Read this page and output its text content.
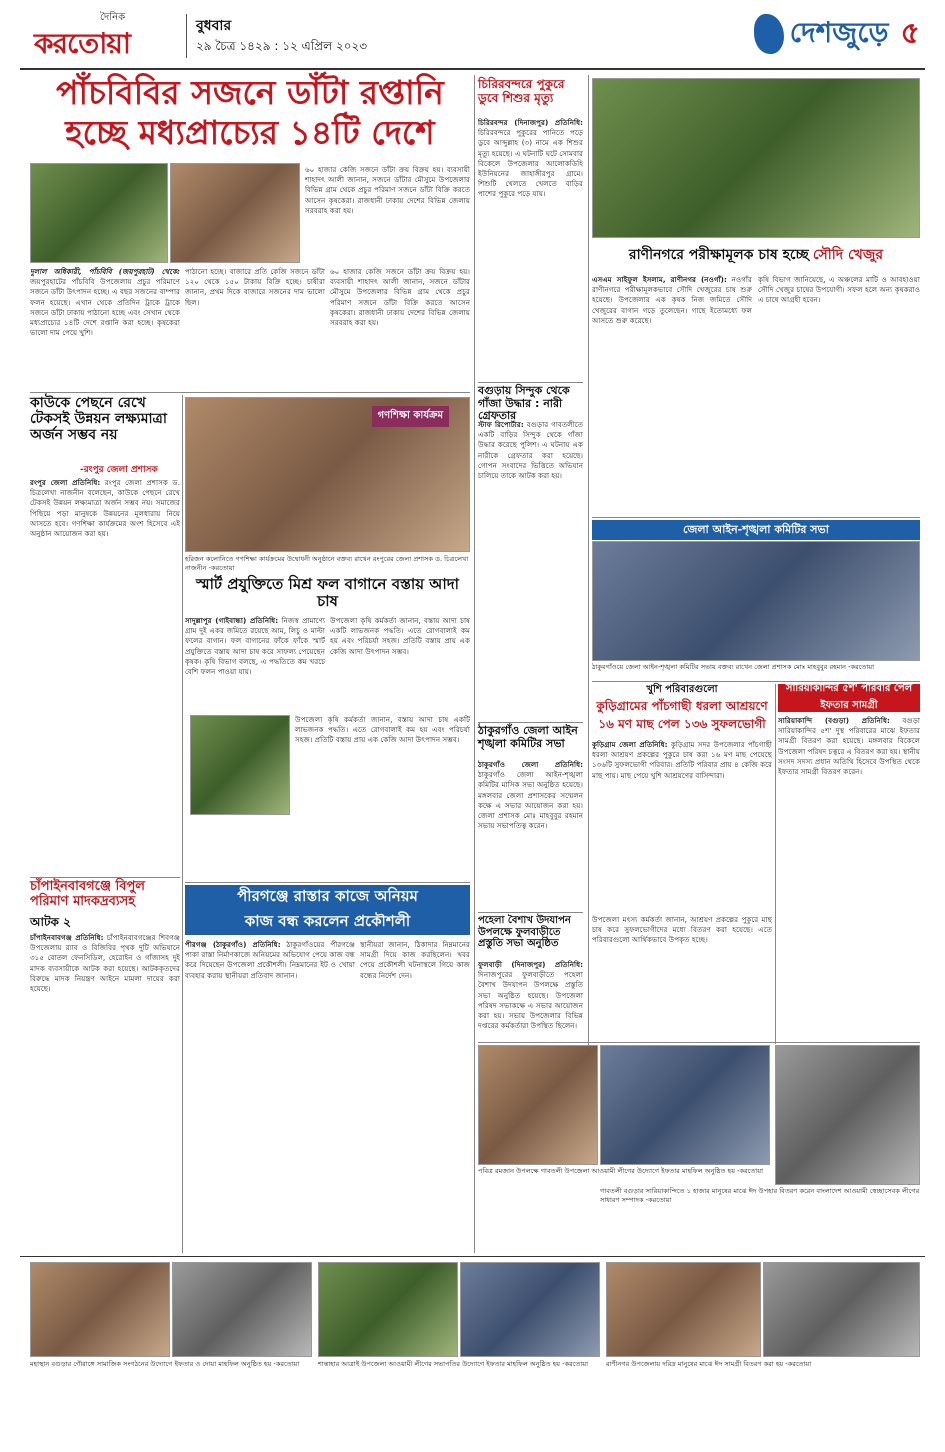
দৈনিক
করতোয়া
বুধবার
২৯ চৈত্র ১৪২৯ : ১২ এপ্রিল ২০২৩	দেশজুড়ে ৫
পাঁচবিবির সজনে ডাঁটা রপ্তানি
হচ্ছে মধ্যপ্রাচ্যের ১৪টি দেশে
৬০ হাজার কেজি সজনে ডাঁটা ক্রয় বিক্রয় হয়। ব্যবসায়ী শাহাদৎ আলী জানান, সজনে ডাঁটার মৌসুমে উপজেলার বিভিন্ন গ্রাম থেকে প্রচুর পরিমাণ সজনে ডাঁটা বিক্রি করতে আসেন কৃষকেরা। রাজধানী ঢাকায় দেশের বিভিন্ন জেলায় সরবরাহ করা হয়।
দুলাল অধিকারী, পাঁচবিবি (জয়পুরহাট) থেকে: জয়পুরহাটের পাঁচবিবি উপজেলায় প্রচুর পরিমাণে সজনে ডাঁটা উৎপাদন হচ্ছে। এ বছর সজনের বাম্পার ফলন হয়েছে। এখান থেকে প্রতিদিন ট্রাকে ট্রাকে সজনে ডাঁটা ঢাকায় পাঠানো হচ্ছে এবং সেখান থেকে মধ্যপ্রাচ্যের ১৪টি দেশে রপ্তানি করা হচ্ছে। কৃষকেরা ভালো দাম পেয়ে খুশি।
পাঠানো হচ্ছে। বাজারে প্রতি কেজি সজনে ডাঁটা ১২০ থেকে ১৫০ টাকায় বিক্রি হচ্ছে। চাষীরা জানান, প্রথম দিকে বাজারে সজনের দাম ভালো ছিল।
৬০ হাজার কেজি সজনে ডাঁটা ক্রয় বিক্রয় হয়। ব্যবসায়ী শাহাদৎ আলী জানান, সজনে ডাঁটার মৌসুমে উপজেলার বিভিন্ন গ্রাম থেকে প্রচুর পরিমাণ সজনে ডাঁটা বিক্রি করতে আসেন কৃষকেরা। রাজধানী ঢাকায় দেশের বিভিন্ন জেলায় সরবরাহ করা হয়।
কাউকে পেছনে রেখে টেকসই উন্নয়ন লক্ষ্যমাত্রা অর্জন সম্ভব নয়
-রংপুর জেলা প্রশাসক
রংপুর জেলা প্রতিনিধি: রংপুর জেলা প্রশাসক ড. চিত্রলেখা নাজনীন বলেছেন, কাউকে পেছনে রেখে টেকসই উন্নয়ন লক্ষ্যমাত্রা অর্জন সম্ভব নয়। সমাজের পিছিয়ে পড়া মানুষকে উন্নয়নের মূলধারায় নিয়ে আসতে হবে। গণশিক্ষা কার্যক্রমের অংশ হিসেবে এই অনুষ্ঠান আয়োজন করা হয়।
গণশিক্ষা কার্যক্রম
হরিজন কলোনিতে গণশিক্ষা কার্যক্রমের উদ্বোধনী অনুষ্ঠানে বক্তব্য রাখেন রংপুরের জেলা প্রশাসক ড. চিত্রলেখা নাজনীন -করতোয়া
স্মার্ট প্রযুক্তিতে মিশ্র ফল বাগানে বস্তায় আদা চাষ
সাদুল্লাপুর (গাইবান্ধা) প্রতিনিধি: নিজস্ব প্রামাণ্যে গ্রাম দুই একর জমিতে রয়েছে আম, লিচু ও মাল্টা ফলের বাগান। ফল বাগানের ফাঁকে ফাঁকে স্মার্ট প্রযুক্তিতে বস্তায় আদা চাষ করে সাফল্য পেয়েছেন কৃষক। কৃষি বিভাগ বলছে, এ পদ্ধতিতে কম খরচে বেশি ফলন পাওয়া যায়।
উপজেলা কৃষি কর্মকর্তা জানান, বস্তায় আদা চাষ একটি লাভজনক পদ্ধতি। এতে রোগবালাই কম হয় এবং পরিচর্যা সহজ। প্রতিটি বস্তায় প্রায় এক কেজি আদা উৎপাদন সম্ভব।
উপজেলা কৃষি কর্মকর্তা জানান, বস্তায় আদা চাষ একটি লাভজনক পদ্ধতি। এতে রোগবালাই কম হয় এবং পরিচর্যা সহজ। প্রতিটি বস্তায় প্রায় এক কেজি আদা উৎপাদন সম্ভব।
চাঁপাইনবাবগঞ্জে বিপুল পরিমাণ মাদকদ্রব্যসহ
আটক ২
চাঁপাইনবাবগঞ্জ প্রতিনিধি: চাঁপাইনবাবগঞ্জের শিবগঞ্জ উপজেলায় র‌্যাব ও বিজিবির পৃথক দুটি অভিযানে ৩১৫ বোতল ফেনসিডিল, হেরোইন ও গাঁজাসহ দুই মাদক ব্যবসায়ীকে আটক করা হয়েছে। আটককৃতদের বিরুদ্ধে মাদক নিয়ন্ত্রণ আইনে মামলা দায়ের করা হয়েছে।
পীরগঞ্জে রাস্তার কাজে অনিয়ম
কাজ বন্ধ করলেন প্রকৌশলী
পীরগঞ্জ (ঠাকুরগাঁও) প্রতিনিধি: ঠাকুরগাঁওয়ের পীরগঞ্জে পাকা রাস্তা নির্মাণকাজে অনিয়মের অভিযোগ পেয়ে কাজ বন্ধ করে দিয়েছেন উপজেলা প্রকৌশলী। নিম্নমানের ইট ও খোয়া ব্যবহার করায় স্থানীয়রা প্রতিবাদ জানান।
স্থানীয়রা জানান, ঠিকাদার নিম্নমানের সামগ্রী দিয়ে কাজ করছিলেন। খবর পেয়ে প্রকৌশলী ঘটনাস্থলে গিয়ে কাজ বন্ধের নির্দেশ দেন।
চিরিরবন্দরে পুকুরে ডুবে শিশুর মৃত্যু
চিরিরবন্দর (দিনাজপুর) প্রতিনিধি: চিরিরবন্দরে পুকুরের পানিতে পড়ে ডুবে আব্দুল্লাহ (৩) নামে এক শিশুর মৃত্যু হয়েছে। এ ঘটনাটি ঘটে সোমবার বিকেলে উপজেলার আলোকডিহি ইউনিয়নের জাহাঙ্গীরপুর গ্রামে। শিশুটি খেলতে খেলতে বাড়ির পাশের পুকুরে পড়ে যায়।
বগুড়ায় সিন্দুক থেকে গাঁজা উদ্ধার : নারী গ্রেফতার
স্টাফ রিপোর্টার: বগুড়ার গাবতলীতে একটি বাড়ির সিন্দুক থেকে গাঁজা উদ্ধার করেছে পুলিশ। এ ঘটনায় এক নারীকে গ্রেফতার করা হয়েছে। গোপন সংবাদের ভিত্তিতে অভিযান চালিয়ে তাকে আটক করা হয়।
ঠাকুরগাঁও জেলা আইন শৃঙ্খলা কমিটির সভা
ঠাকুরগাঁও জেলা প্রতিনিধি: ঠাকুরগাঁও জেলা আইন-শৃঙ্খলা কমিটির মাসিক সভা অনুষ্ঠিত হয়েছে। মঙ্গলবার জেলা প্রশাসকের সম্মেলন কক্ষে এ সভার আয়োজন করা হয়। জেলা প্রশাসক মোঃ মাহবুবুর রহমান সভায় সভাপতিত্ব করেন।
পহেলা বৈশাখ উদযাপন উপলক্ষে ফুলবাড়ীতে প্রস্তুতি সভা অনুষ্ঠিত
ফুলবাড়ী (দিনাজপুর) প্রতিনিধি: দিনাজপুরের ফুলবাড়ীতে পহেলা বৈশাখ উদযাপন উপলক্ষে প্রস্তুতি সভা অনুষ্ঠিত হয়েছে। উপজেলা পরিষদ সভাকক্ষে এ সভার আয়োজন করা হয়। সভায় উপজেলার বিভিন্ন দপ্তরের কর্মকর্তারা উপস্থিত ছিলেন।
রাণীনগরে পরীক্ষামূলক চাষ হচ্ছে সৌদি খেজুর
এসএম সাইফুল ইসলাম, রাণীনগর (নওগাঁ): নওগাঁর রাণীনগরে পরীক্ষামূলকভাবে সৌদি খেজুরের চাষ শুরু হয়েছে। উপজেলার এক কৃষক নিজ জমিতে সৌদি খেজুরের বাগান গড়ে তুলেছেন। গাছে ইতোমধ্যে ফল আসতে শুরু করেছে।
কৃষি বিভাগ জানিয়েছে, এ অঞ্চলের মাটি ও আবহাওয়া সৌদি খেজুর চাষের উপযোগী। সফল হলে অন্য কৃষকরাও এ চাষে আগ্রহী হবেন।
জেলা আইন-শৃঙ্খলা কমিটির সভা
ঠাকুরগাঁওয়ে জেলা আইন-শৃঙ্খলা কমিটির সভায় বক্তব্য রাখেন জেলা প্রশাসক মোঃ মাহবুবুর রহমান -করতোয়া
খুশি পরিবারগুলো
কুড়িগ্রামের পাঁচগাছী ধরলা আশ্রয়ণে
১৬ মণ মাছ পেল ১৩৬ সুফলভোগী
কুড়িগ্রাম জেলা প্রতিনিধি: কুড়িগ্রাম সদর উপজেলার পাঁচগাছী ধরলা আশ্রয়ণ প্রকল্পের পুকুরে চাষ করা ১৬ মণ মাছ পেয়েছে ১৩৬টি সুফলভোগী পরিবার। প্রতিটি পরিবার প্রায় ৪ কেজি করে মাছ পায়। মাছ পেয়ে খুশি আশ্রয়ণের বাসিন্দারা।
উপজেলা মৎস্য কর্মকর্তা জানান, আশ্রয়ণ প্রকল্পের পুকুরে মাছ চাষ করে সুফলভোগীদের মধ্যে বিতরণ করা হয়েছে। এতে পরিবারগুলো আর্থিকভাবে উপকৃত হচ্ছে।
সারিয়াকান্দির ৫শ' পরিবার পেল ইফতার সামগ্রী
সারিয়াকান্দি (বগুড়া) প্রতিনিধি: বগুড়া সারিয়াকান্দির ৫শ' দুস্থ পরিবারের মাঝে ইফতার সামগ্রী বিতরণ করা হয়েছে। মঙ্গলবার বিকেলে উপজেলা পরিষদ চত্বরে এ বিতরণ করা হয়। স্থানীয় সংসদ সদস্য প্রধান অতিথি হিসেবে উপস্থিত থেকে ইফতার সামগ্রী বিতরণ করেন।
পবিত্র রমজান উপলক্ষে গাবতলী উপজেলা আওয়ামী লীগের উদ্যোগে ইফতার মাহফিল অনুষ্ঠিত হয় -করতোয়া
গাবতলী বগুড়ার সারিয়াকান্দিতে ১ হাজার মানুষের মাঝে ঈদ উপহার বিতরণ করেন বাংলাদেশ আওয়ামী স্বেচ্ছাসেবক লীগের সাধারণ সম্পাদক -করতোয়া
মহাস্থান বগুড়ার গৌরাঙ্গে সামাজিক সংগঠনের উদ্যোগে ইফতার ও দোয়া মাহফিল অনুষ্ঠিত হয় -করতোয়া	শান্তাহার আত্রাই উপজেলা আওয়ামী লীগের সভাপতির উদ্যোগে ইফতার মাহফিল অনুষ্ঠিত হয় -করতোয়া	রাণীনগর উপজেলায় দরিদ্র মানুষের মাঝে ঈদ সামগ্রী বিতরণ করা হয় -করতোয়া
